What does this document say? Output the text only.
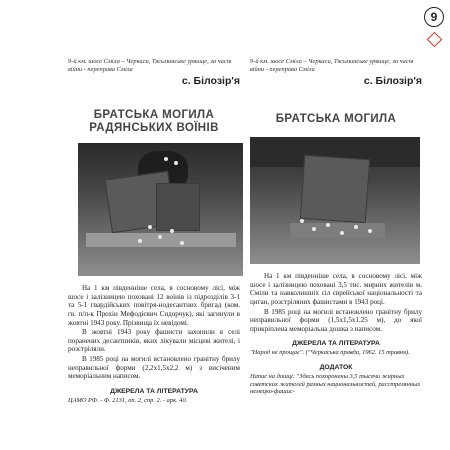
9
9-й км. шосе Сміла – Черкаси, Тясьминське урвище, за часів війни - переправа Сміли
с. Білозір'я
БРАТСЬКА МОГИЛА РАДЯНСЬКИХ ВОЇНІВ

На 1 км південніше села, в сосновому лісі, між шосе і залізницею поховані 12 воїнів із підрозділів 3-1 та 5-1 гвардійських повітря-нодесантних бригад (ком. гв. п/п-к Прохін Мефодієвич Сидорчук), які загинули в жовтні 1943 року. Прізвища їх невідомі.

В жовтні 1943 року фашисти захопили в селі поранених десантників, яких лікували місцеві жителі, і розстріляли.

В 1985 році на могилі встановлено гранітну брилу неправильної форми (2,2х1,5х2,2 м) з висіченим меморіальним написом.

ДЖЕРЕЛА ТА ЛІТЕРАТУРА
ЦАМО РФ. - Ф. 2131, оп. 2, спр. 2. - арк. 40.
9-й км. шосе Сміла – Черкаси, Тясьминське урвище, за часів війни - переправа Сміли
с. Білозір'я
БРАТСЬКА МОГИЛА

На 1 км південніше села, в сосновому лісі, між шосе і залізницею поховані 3,5 тис. мирних жителів м. Сміли та навколишніх сіл єврейської національності та циган, розстріляних фашистами в 1943 році.

В 1985 році на могилі встановлено гранітну брилу неправильної форми (1,5х1,5х1,25 м), до якої прикріплена меморіальна дошка з написом.

ДЖЕРЕЛА ТА ЛІТЕРАТУРА
"Народ не прощає". ("Черкаська правда, 1962. 15 травня).
ДОДАТОК
Напис на дошці: "Здесь похоронены 3,5 тысячи жирных советских жителей разных национальностей, расстрелянных немецко-фашис-
